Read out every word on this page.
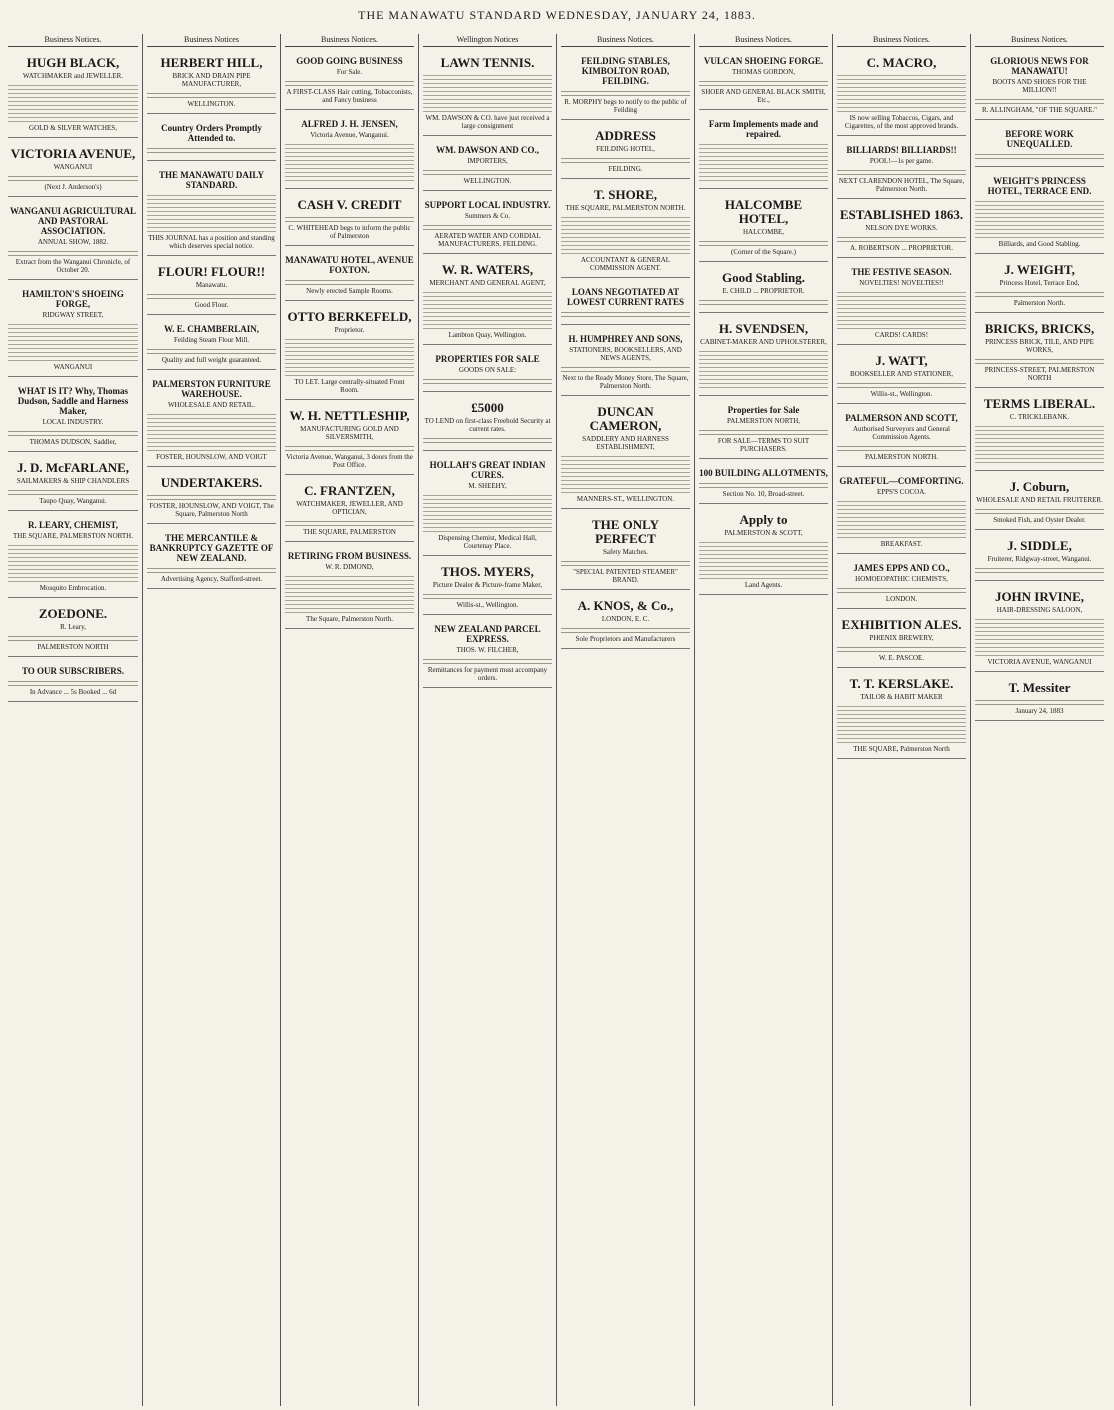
THE MANAWATU STANDARD WEDNESDAY, JANUARY 24, 1883.
Business Notices.
HUGH BLACK,
WATCHMAKER and JEWELLER.
GOLD & SILVER WATCHES,
VICTORIA AVENUE,
WANGANUI
(Next J. Anderson's)
WANGANUI AGRICULTURAL AND PASTORAL ASSOCIATION.
ANNUAL SHOW, 1882.
Extract from the Wanganui Chronicle, of October 20.
HAMILTON'S SHOEING FORGE,
RIDGWAY STREET,
WANGANUI
WHAT IS IT? Why, Thomas Dudson, Saddle and Harness Maker,
LOCAL INDUSTRY.
THOMAS DUDSON, Saddler,
J. D. McFARLANE,
SAILMAKERS & SHIP CHANDLERS
Taupo Quay, Wanganui.
R. LEARY, CHEMIST,
THE SQUARE, PALMERSTON NORTH.
Mosquito Embrocation.
ZOEDONE.
R. Leary,
PALMERSTON NORTH
TO OUR SUBSCRIBERS.
In Advance ... 5s Booked ... 6d
Business Notices
HERBERT HILL,
BRICK AND DRAIN PIPE MANUFACTURER,
WELLINGTON.
Country Orders Promptly Attended to.
THE MANAWATU DAILY STANDARD.
THIS JOURNAL has a position and standing which deserves special notice.
FLOUR! FLOUR!!
Manawatu.
Good Flour.
W. E. CHAMBERLAIN,
Feilding Steam Flour Mill.
Quality and full weight guaranteed.
PALMERSTON FURNITURE WAREHOUSE.
WHOLESALE AND RETAIL.
FOSTER, HOUNSLOW, AND VOIGT
UNDERTAKERS.
FOSTER, HOUNSLOW, AND VOIGT, The Square, Palmerston North
THE MERCANTILE & BANKRUPTCY GAZETTE OF NEW ZEALAND.
Advertising Agency, Stafford-street.
Business Notices.
GOOD GOING BUSINESS
For Sale.
A FIRST-CLASS Hair cutting, Tobacconists, and Fancy business
ALFRED J. H. JENSEN,
Victoria Avenue, Wanganui.
CASH V. CREDIT
C. WHITEHEAD begs to inform the public of Palmerston
MANAWATU HOTEL, AVENUE FOXTON.
Newly erected Sample Rooms.
OTTO BERKEFELD,
Proprietor.
TO LET. Large centrally-situated Front Room.
W. H. NETTLESHIP,
MANUFACTURING GOLD AND SILVERSMITH,
Victoria Avenue, Wanganui, 3 doors from the Post Office.
C. FRANTZEN,
WATCHMAKER, JEWELLER, AND OPTICIAN,
THE SQUARE, PALMERSTON
RETIRING FROM BUSINESS.
W. R. DIMOND,
The Square, Palmerston North.
Wellington Notices
LAWN TENNIS.
WM. DAWSON & CO. have just received a large consignment
WM. DAWSON AND CO.,
IMPORTERS,
WELLINGTON.
SUPPORT LOCAL INDUSTRY.
Summers & Co.
AERATED WATER AND CORDIAL MANUFACTURERS, FEILDING.
W. R. WATERS,
MERCHANT AND GENERAL AGENT,
Lambton Quay, Wellington.
PROPERTIES FOR SALE
GOODS ON SALE:
£5000
TO LEND on first-class Freehold Security at current rates.
HOLLAH'S GREAT INDIAN CURES.
M. SHEEHY,
Dispensing Chemist, Medical Hall, Courtenay Place.
THOS. MYERS,
Picture Dealer & Picture-frame Maker,
Willis-st., Wellington.
NEW ZEALAND PARCEL EXPRESS.
THOS. W. FILCHER,
Remittances for payment must accompany orders.
Business Notices.
FEILDING STABLES, KIMBOLTON ROAD, FEILDING.
R. MORPHY begs to notify to the public of Feilding
ADDRESS
FEILDING HOTEL,
FEILDING.
T. SHORE,
THE SQUARE, PALMERSTON NORTH.
ACCOUNTANT & GENERAL COMMISSION AGENT.
LOANS NEGOTIATED AT LOWEST CURRENT RATES
H. HUMPHREY AND SONS,
STATIONERS, BOOKSELLERS, AND NEWS AGENTS,
Next to the Ready Money Store, The Square, Palmerston North.
DUNCAN CAMERON,
SADDLERY AND HARNESS ESTABLISHMENT,
MANNERS-ST., WELLINGTON.
THE ONLY PERFECT
Safety Matches.
"SPECIAL PATENTED STEAMER" BRAND.
A. KNOS, & Co.,
LONDON, E. C.
Sole Proprietors and Manufacturers
Business Notices.
VULCAN SHOEING FORGE.
THOMAS GORDON,
SHOER AND GENERAL BLACK SMITH, Etc.,
Farm Implements made and repaired.
HALCOMBE HOTEL,
HALCOMBE,
(Corner of the Square.)
Good Stabling.
E. CHILD ... PROPRIETOR.
H. SVENDSEN,
CABINET-MAKER AND UPHOLSTERER,
Properties for Sale
PALMERSTON NORTH,
FOR SALE—TERMS TO SUIT PURCHASERS.
100 BUILDING ALLOTMENTS,
Section No. 10, Broad-street.
Apply to
PALMERSTON & SCOTT,
Land Agents.
Business Notices.
C. MACRO,
IS now selling Tobaccos, Cigars, and Cigarettes, of the most approved brands.
BILLIARDS! BILLIARDS!!
POOL!—1s per game.
NEXT CLARENDON HOTEL, The Square, Palmerston North.
ESTABLISHED 1863.
NELSON DYE WORKS.
A. ROBERTSON ... PROPRIETOR.
THE FESTIVE SEASON.
NOVELTIES! NOVELTIES!!
CARDS! CARDS!
J. WATT,
BOOKSELLER AND STATIONER,
Willis-st., Wellington.
PALMERSON AND SCOTT,
Authorised Surveyors and General Commission Agents.
PALMERSTON NORTH.
GRATEFUL—COMFORTING.
EPPS'S COCOA.
BREAKFAST.
JAMES EPPS AND CO.,
HOMOEOPATHIC CHEMISTS,
LONDON.
EXHIBITION ALES.
PHŒNIX BREWERY,
W. E. PASCOE.
T. T. KERSLAKE.
TAILOR & HABIT MAKER
THE SQUARE, Palmerston North
Business Notices.
GLORIOUS NEWS FOR MANAWATU!
BOOTS AND SHOES FOR THE MILLION!!
R. ALLINGHAM, "OF THE SQUARE."
BEFORE WORK UNEQUALLED.
WEIGHT'S PRINCESS HOTEL, TERRACE END.
Billiards, and Good Stabling.
J. WEIGHT,
Princess Hotel, Terrace End,
Palmerston North.
BRICKS, BRICKS,
PRINCESS BRICK, TILE, AND PIPE WORKS,
PRINCESS-STREET, PALMERSTON NORTH
TERMS LIBERAL.
C. TRICKLEBANK.
J. Coburn,
WHOLESALE AND RETAIL FRUITERER.
Smoked Fish, and Oyster Dealer.
J. SIDDLE,
Fruiterer, Ridgway-street, Wanganui.
JOHN IRVINE,
HAIR-DRESSING SALOON,
VICTORIA AVENUE, WANGANUI
T. Messiter
January 24, 1883
